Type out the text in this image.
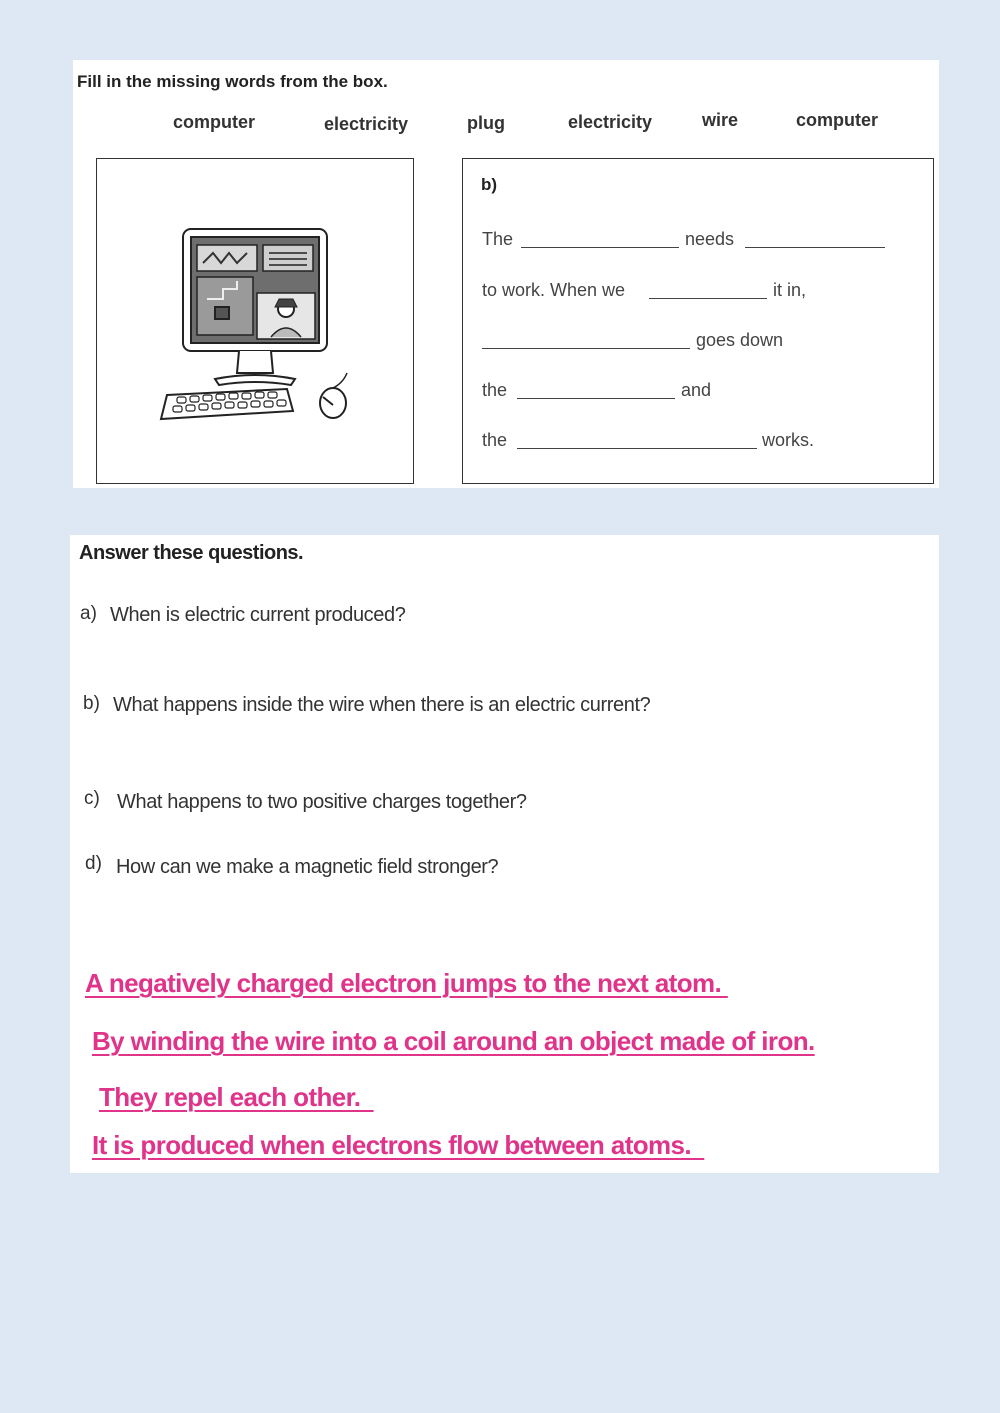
Fill in the missing words from the box.
computer	electricity	plug	electricity	wire	computer
b)
The	needs
to work. When we	it in,
goes down
the	and
the	works.
Answer these questions.
a) When is electric current produced?
b) What happens inside the wire when there is an electric current?
c) What happens to two positive charges together?
d) How can we make a magnetic field stronger?
A negatively charged electron jumps to the next atom.
By winding the wire into a coil around an object made of iron.
They repel each other.
It is produced when electrons flow between atoms.
